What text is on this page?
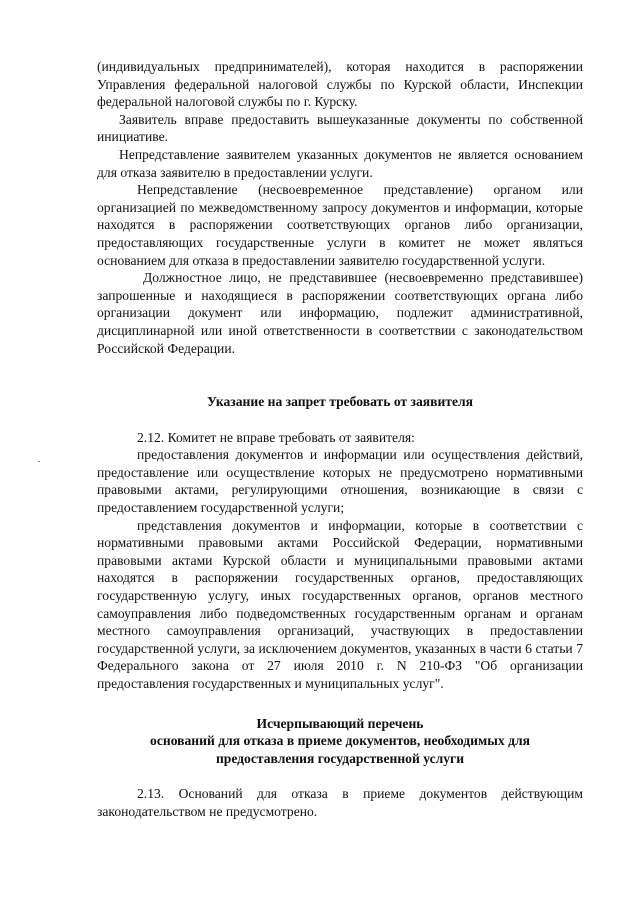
(индивидуальных предпринимателей), которая находится в распоряжении Управления федеральной налоговой службы по Курской области, Инспекции федеральной налоговой службы по г. Курску.

Заявитель вправе предоставить вышеуказанные документы по собственной инициативе.

Непредставление заявителем указанных документов не является основанием для отказа заявителю в предоставлении услуги.

Непредставление (несвоевременное представление) органом или организацией по межведомственному запросу документов и информации, которые находятся в распоряжении соответствующих органов либо организации, предоставляющих государственные услуги в комитет не может являться основанием для отказа в предоставлении заявителю государственной услуги.

Должностное лицо, не представившее (несвоевременно представившее) запрошенные и находящиеся в распоряжении соответствующих органа либо организации документ или информацию, подлежит административной, дисциплинарной или иной ответственности в соответствии с законодательством Российской Федерации.

Указание на запрет требовать от заявителя

2.12. Комитет не вправе требовать от заявителя:

предоставления документов и информации или осуществления действий, предоставление или осуществление которых не предусмотрено нормативными правовыми актами, регулирующими отношения, возникающие в связи с предоставлением государственной услуги;

представления документов и информации, которые в соответствии с нормативными правовыми актами Российской Федерации, нормативными правовыми актами Курской области и муниципальными правовыми актами находятся в распоряжении государственных органов, предоставляющих государственную услугу, иных государственных органов, органов местного самоуправления либо подведомственных государственным органам и органам местного самоуправления организаций, участвующих в предоставлении государственной услуги, за исключением документов, указанных в части 6 статьи 7 Федерального закона от 27 июля 2010 г. N 210-ФЗ "Об организации предоставления государственных и муниципальных услуг".

Исчерпывающий перечень
оснований для отказа в приеме документов, необходимых для
предоставления государственной услуги

2.13. Оснований для отказа в приеме документов действующим законодательством не предусмотрено.
